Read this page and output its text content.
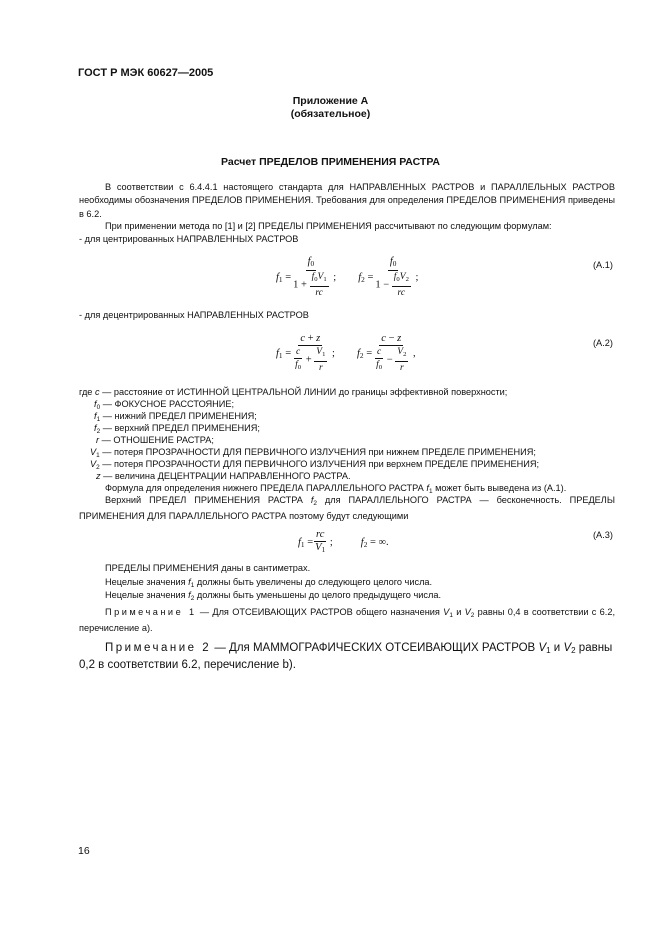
ГОСТ Р МЭК 60627—2005
Приложение А
(обязательное)
Расчет ПРЕДЕЛОВ ПРИМЕНЕНИЯ РАСТРА
В соответствии с 6.4.4.1 настоящего стандарта для НАПРАВЛЕННЫХ РАСТРОВ и ПАРАЛЛЕЛЬНЫХ РАСТРОВ необходимы обозначения ПРЕДЕЛОВ ПРИМЕНЕНИЯ. Требования для определения ПРЕДЕЛОВ ПРИМЕНЕНИЯ приведены в 6.2.
При применении метода по [1] и [2] ПРЕДЕЛЫ ПРИМЕНЕНИЯ рассчитывают по следующим формулам:
- для центрированных НАПРАВЛЕННЫХ РАСТРОВ
$f_1 = \frac{f_0}{1 + \frac{f_0V_1}{rc}}$ ; $f_2 = \frac{f_0}{1 - \frac{f_0V_2}{rc}}$ ;
(А.1)
- для децентрированных НАПРАВЛЕННЫХ РАСТРОВ
$f_1 = \frac{c + z}{\frac{c}{f_0} + \frac{V_1}{r}}$ ; $f_2 = \frac{c - z}{\frac{c}{f_0} - \frac{V_2}{r}}$ ,
(А.2)
где c — расстояние от ИСТИННОЙ ЦЕНТРАЛЬНОЙ ЛИНИИ до границы эффективной поверхности;
$f_0$ — ФОКУСНОЕ РАССТОЯНИЕ;
$f_1$ — нижний ПРЕДЕЛ ПРИМЕНЕНИЯ;
$f_2$ — верхний ПРЕДЕЛ ПРИМЕНЕНИЯ;
r — ОТНОШЕНИЕ РАСТРА;
$V_1$ — потеря ПРОЗРАЧНОСТИ ДЛЯ ПЕРВИЧНОГО ИЗЛУЧЕНИЯ при нижнем ПРЕДЕЛЕ ПРИМЕНЕНИЯ;
$V_2$ — потеря ПРОЗРАЧНОСТИ ДЛЯ ПЕРВИЧНОГО ИЗЛУЧЕНИЯ при верхнем ПРЕДЕЛЕ ПРИМЕНЕНИЯ;
z — величина ДЕЦЕНТРАЦИИ НАПРАВЛЕННОГО РАСТРА.
Формула для определения нижнего ПРЕДЕЛА ПАРАЛЛЕЛЬНОГО РАСТРА $f_1$ может быть выведена из (А.1).
Верхний ПРЕДЕЛ ПРИМЕНЕНИЯ РАСТРА $f_2$ для ПАРАЛЛЕЛЬНОГО РАСТРА — бесконечность. ПРЕДЕЛЫ ПРИМЕНЕНИЯ ДЛЯ ПАРАЛЛЕЛЬНОГО РАСТРА поэтому будут следующими
$f_1 = \frac{rc}{V_1}$ ;	$f_2$ = ∞.
(А.3)
ПРЕДЕЛЫ ПРИМЕНЕНИЯ даны в сантиметрах.
Нецелые значения $f_1$ должны быть увеличены до следующего целого числа.
Нецелые значения $f_2$ должны быть уменьшены до целого предыдущего числа.
Примечание 1 — Для ОТСЕИВАЮЩИХ РАСТРОВ общего назначения $V_1$ и $V_2$ равны 0,4 в соответствии с 6.2, перечисление а).
Примечание 2 — Для МАММОГРАФИЧЕСКИХ ОТСЕИВАЮЩИХ РАСТРОВ $V_1$ и $V_2$ равны 0,2 в соответствии 6.2, перечисление b).
16
